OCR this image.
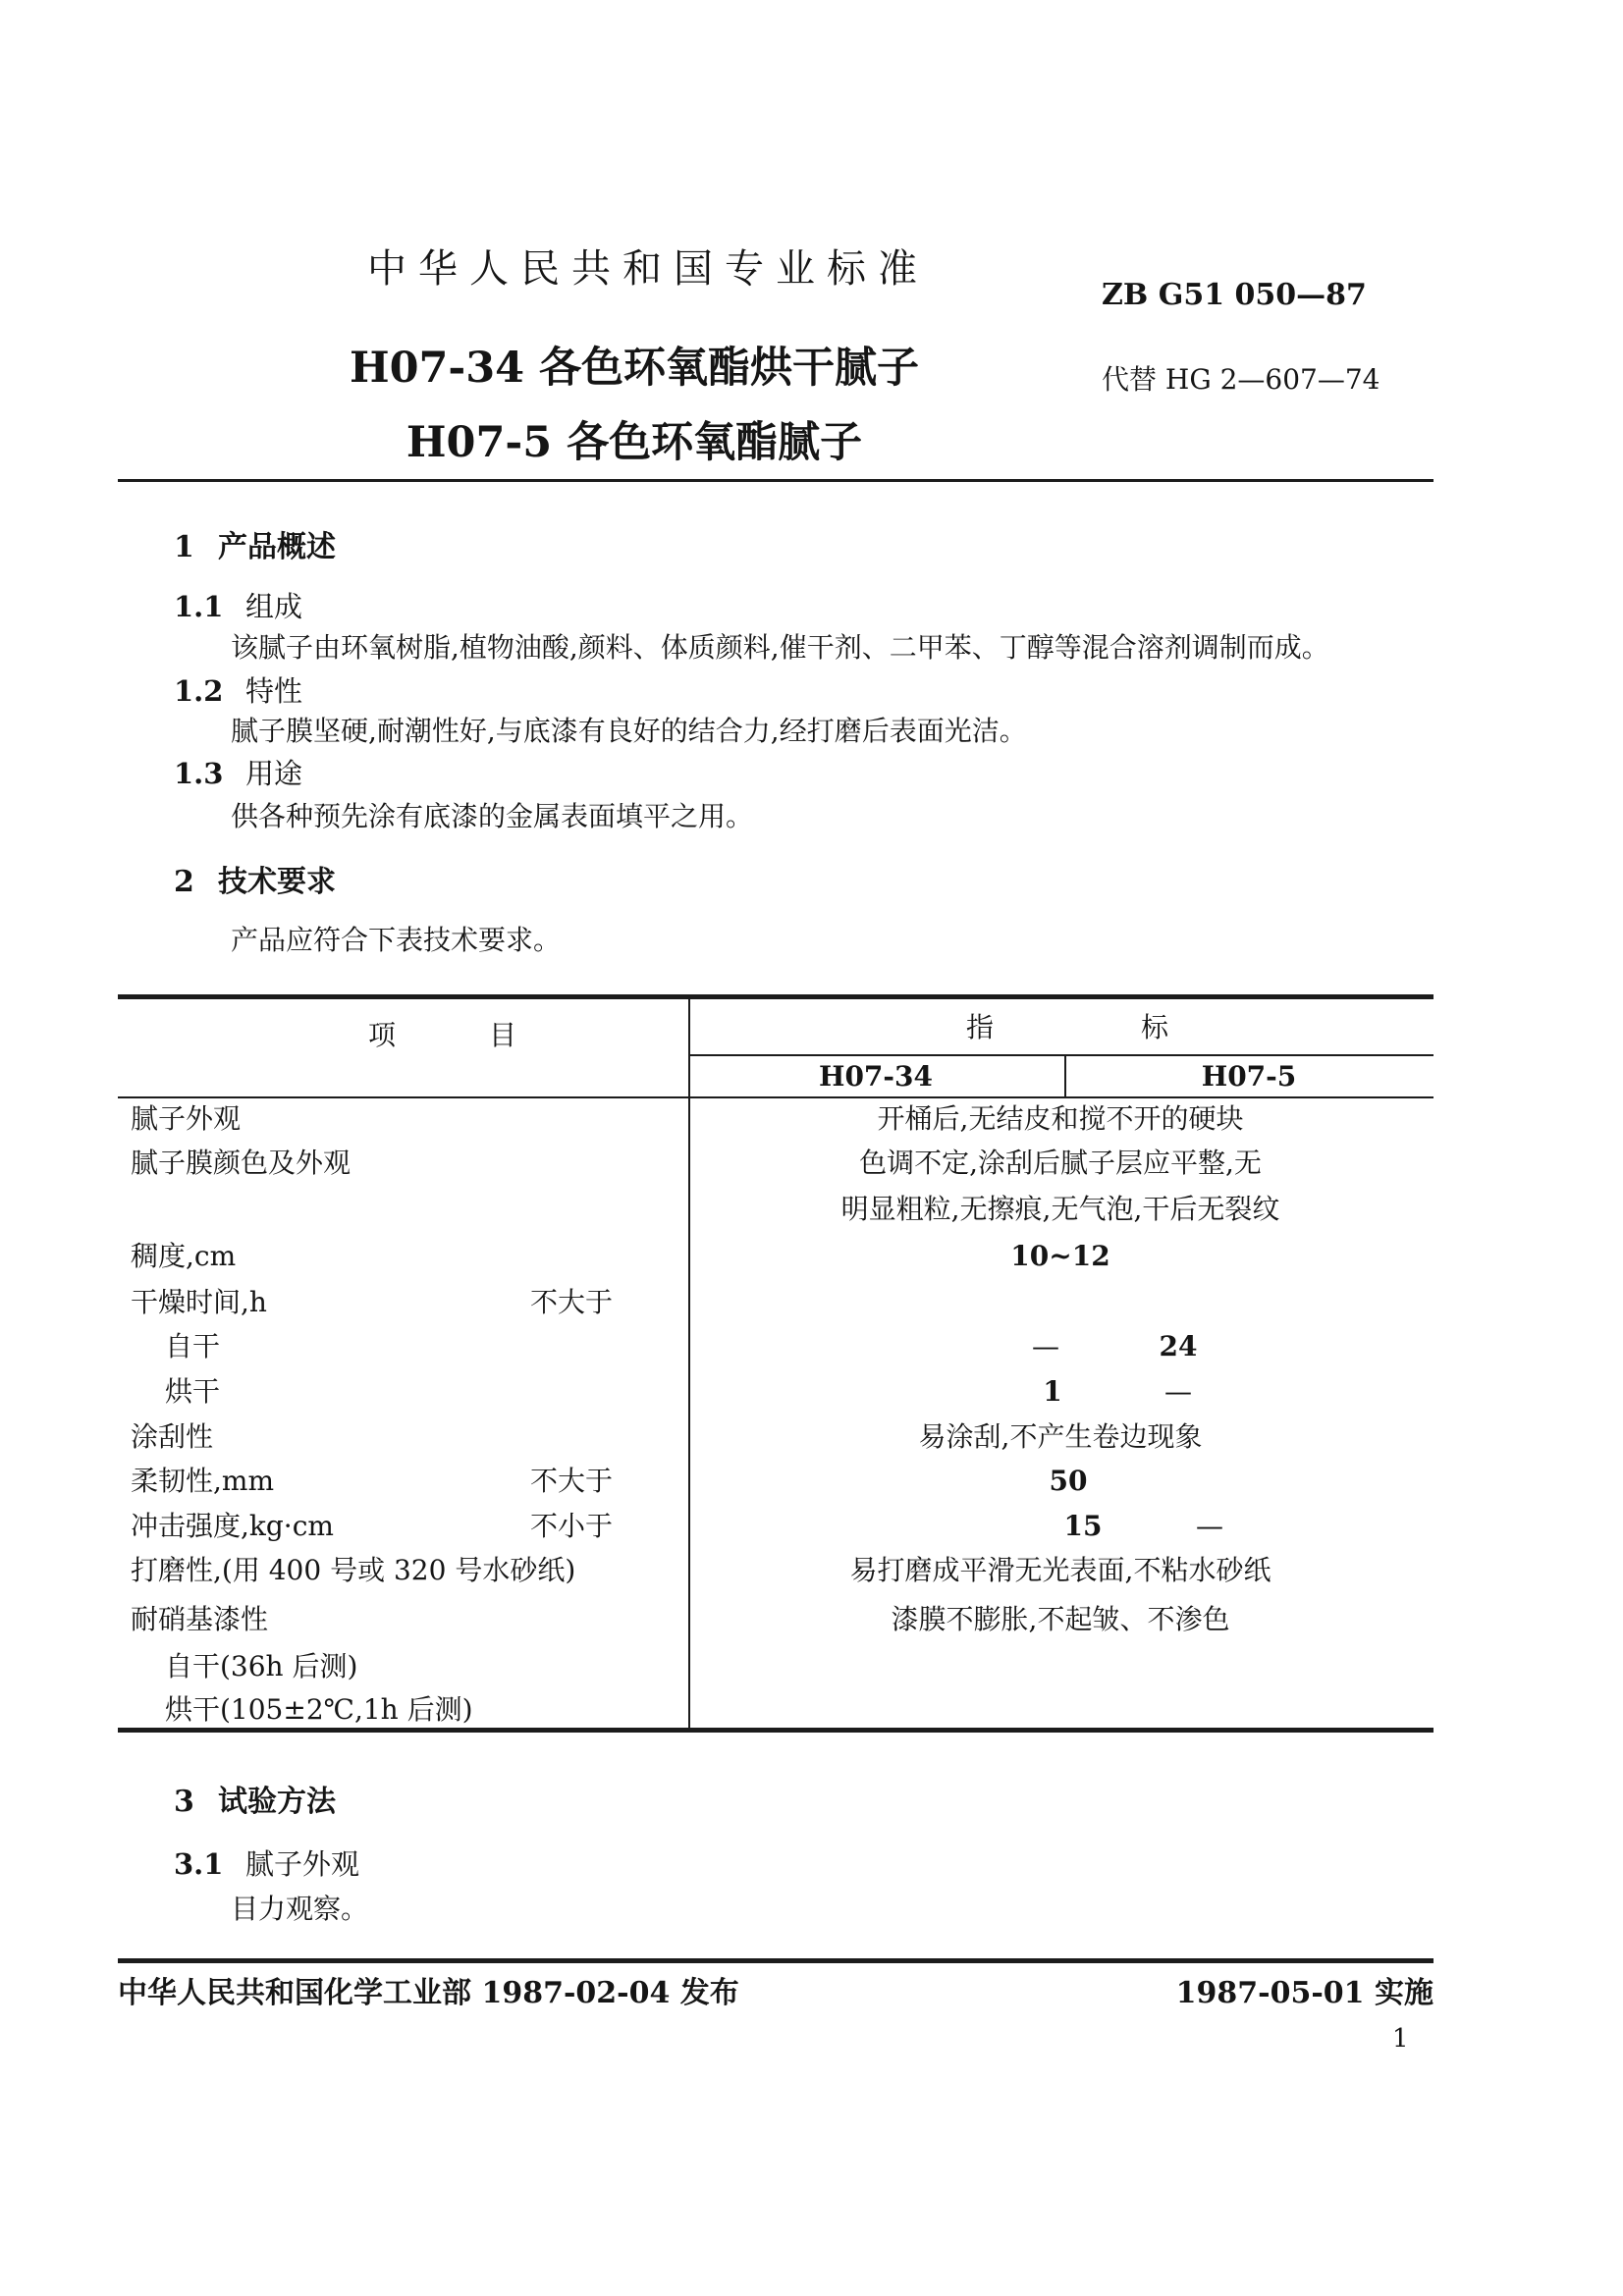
中华人民共和国专业标准
ZB G51 050—87
H07-34 各色环氧酯烘干腻子	代替 HG 2—607—74
H07-5 各色环氧酯腻子
1 产品概述
1.1 组成
该腻子由环氧树脂,植物油酸,颜料、体质颜料,催干剂、二甲苯、丁醇等混合溶剂调制而成。
1.2 特性
腻子膜坚硬,耐潮性好,与底漆有良好的结合力,经打磨后表面光洁。
1.3 用途
供各种预先涂有底漆的金属表面填平之用。
2 技术要求
产品应符合下表技术要求。
项目	指标
H07-34	H07-5
腻子外观	开桶后,无结皮和搅不开的硬块
腻子膜颜色及外观	色调不定,涂刮后腻子层应平整,无
明显粗粒,无擦痕,无气泡,干后无裂纹
稠度,cm	10~12
干燥时间,h	不大于
自干	—	24
烘干	1	—
涂刮性	易涂刮,不产生卷边现象
柔韧性,mm	不大于	50
冲击强度,kg·cm	不小于	15	—
打磨性,(用 400 号或 320 号水砂纸)	易打磨成平滑无光表面,不粘水砂纸
耐硝基漆性	漆膜不膨胀,不起皱、不渗色
自干(36h 后测)
烘干(105±2℃,1h 后测)
3 试验方法
3.1 腻子外观
目力观察。
中华人民共和国化学工业部 1987-02-04 发布	1987-05-01 实施
1
